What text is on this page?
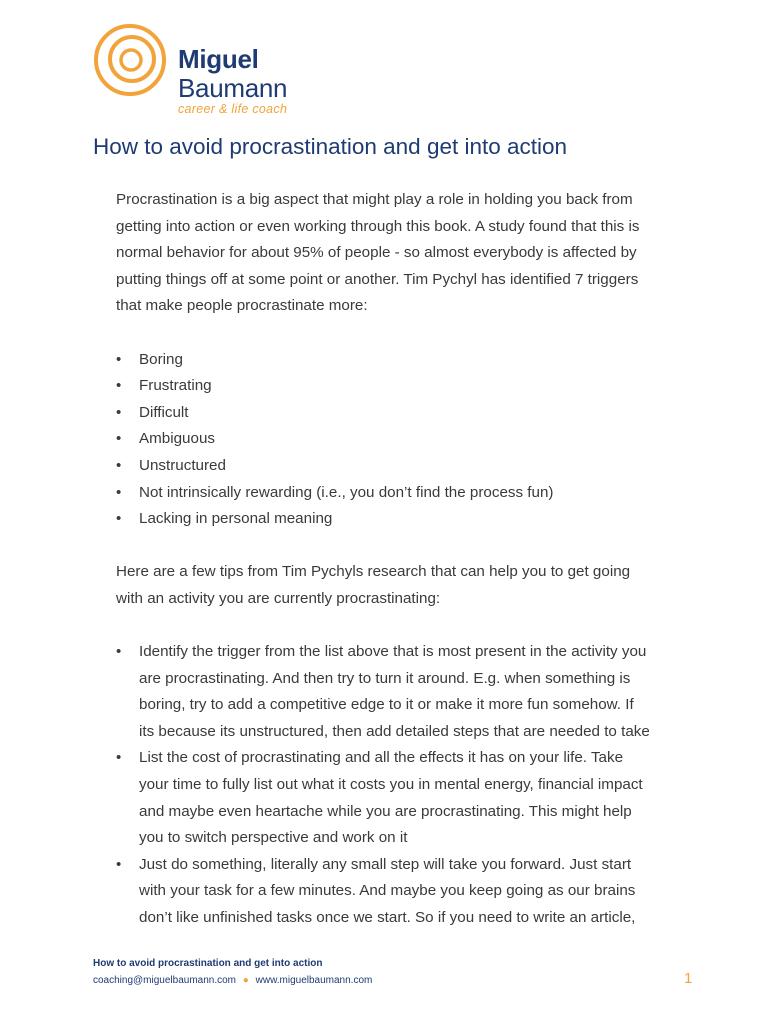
Miguel
Baumann
career & life coach
How to avoid procrastination and get into action

Procrastination is a big aspect that might play a role in holding you back from
getting into action or even working through this book. A study found that this is
normal behavior for about 95% of people - so almost everybody is affected by
putting things off at some point or another. Tim Pychyl has identified 7 triggers
that make people procrastinate more:

• Boring
• Frustrating
• Difficult
• Ambiguous
• Unstructured
• Not intrinsically rewarding (i.e., you don’t find the process fun)
• Lacking in personal meaning

Here are a few tips from Tim Pychyls research that can help you to get going
with an activity you are currently procrastinating:

• Identify the trigger from the list above that is most present in the activity you
are procrastinating. And then try to turn it around. E.g. when something is
boring, try to add a competitive edge to it or make it more fun somehow. If
its because its unstructured, then add detailed steps that are needed to take
• List the cost of procrastinating and all the effects it has on your life. Take
your time to fully list out what it costs you in mental energy, financial impact
and maybe even heartache while you are procrastinating. This might help
you to switch perspective and work on it
• Just do something, literally any small step will take you forward. Just start
with your task for a few minutes. And maybe you keep going as our brains
don’t like unfinished tasks once we start. So if you need to write an article,
How to avoid procrastination and get into action
coaching@miguelbaumann.com ● www.miguelbaumann.com	1
